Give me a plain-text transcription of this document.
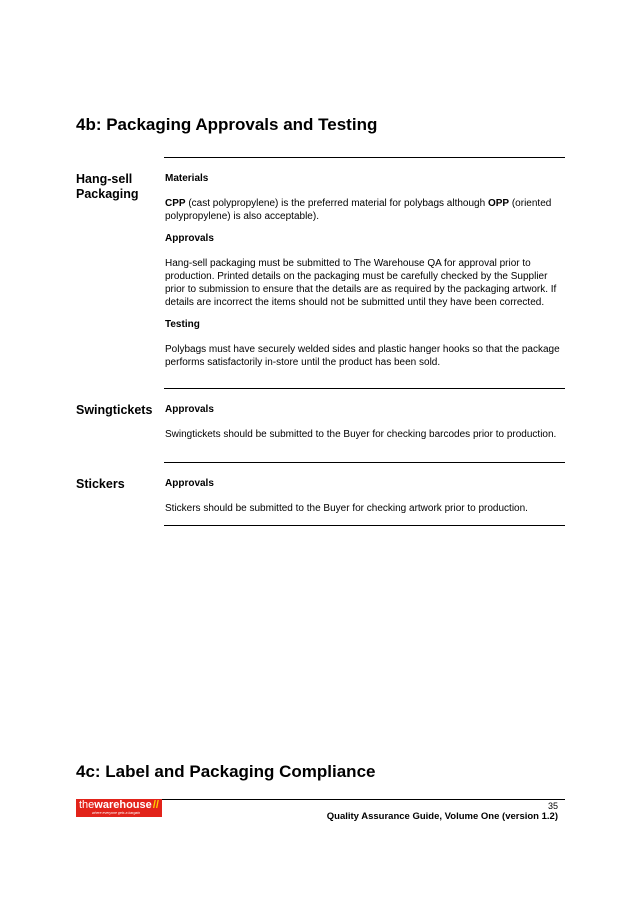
4b: Packaging Approvals and Testing
Hang-sell Packaging
Materials

CPP (cast polypropylene) is the preferred material for polybags although OPP (oriented polypropylene) is also acceptable).

Approvals

Hang-sell packaging must be submitted to The Warehouse QA for approval prior to production. Printed details on the packaging must be carefully checked by the Supplier prior to submission to ensure that the details are as required by the packaging artwork. If details are incorrect the items should not be submitted until they have been corrected.

Testing

Polybags must have securely welded sides and plastic hanger hooks so that the package performs satisfactorily in-store until the product has been sold.

Swingtickets Approvals

Swingtickets should be submitted to the Buyer for checking barcodes prior to production.

Stickers	Approvals

Stickers should be submitted to the Buyer for checking artwork prior to production.

4c: Label and Packaging Compliance
thewarehouse //
where everyone gets a bargain
35
Quality Assurance Guide, Volume One (version 1.2)
